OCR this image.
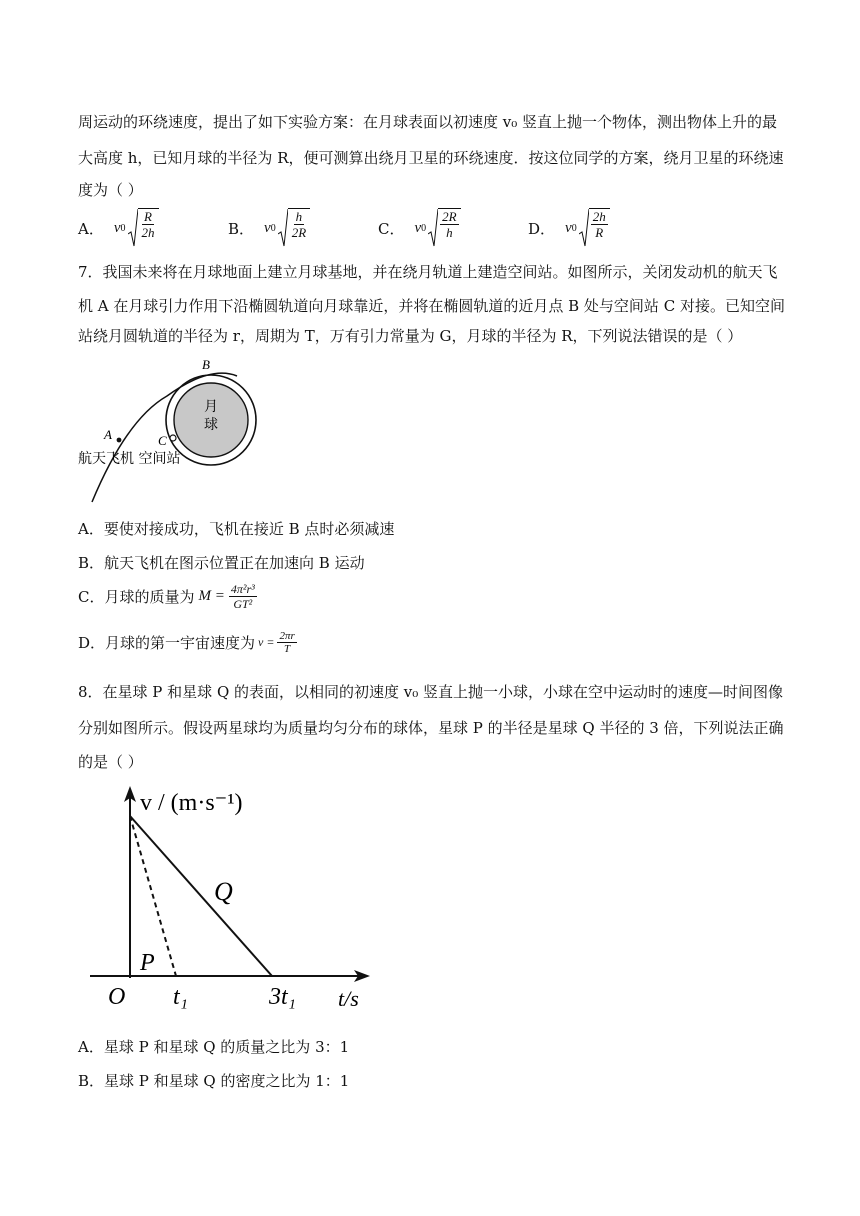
周运动的环绕速度，提出了如下实验方案：在月球表面以初速度 v₀ 竖直上抛一个物体，测出物体上升的最
大高度 h，已知月球的半径为 R，便可测算出绕月卫星的环绕速度．按这位同学的方案，绕月卫星的环绕速
度为（ ）
A． v $0 \frac{R}{2h}$	B． v $0 \frac{h}{2R}$	C． v $0 \frac{2R}{h}$	D． v $0 \frac{2h}{R}$
7．我国未来将在月球地面上建立月球基地，并在绕月轨道上建造空间站。如图所示，关闭发动机的航天飞
机 A 在月球引力作用下沿椭圆轨道向月球靠近，并将在椭圆轨道的近月点 B 处与空间站 C 对接。已知空间
站绕月圆轨道的半径为 r，周期为 T，万有引力常量为 G，月球的半径为 R，下列说法错误的是（ ）
月
球
A
B
C
航天飞机 空间站
A．要使对接成功，飞机在接近 B 点时必须减速
B．航天飞机在图示位置正在加速向 B 运动
C．月球的质量为 $M = \frac{\text{4π²r³}}{\text{GT²}}$
D．月球的第一宇宙速度为 $v = \frac{2\pi r}{T}$
8．在星球 P 和星球 Q 的表面，以相同的初速度 v₀ 竖直上抛一小球，小球在空中运动时的速度—时间图像
分别如图所示。假设两星球均为质量均匀分布的球体，星球 P 的半径是星球 Q 半径的 3 倍，下列说法正确
的是（ ）
v / (m·s⁻¹)
Q
P
O t₁	3t₁ t/s
A．星球 P 和星球 Q 的质量之比为 3：1
B．星球 P 和星球 Q 的密度之比为 1：1
